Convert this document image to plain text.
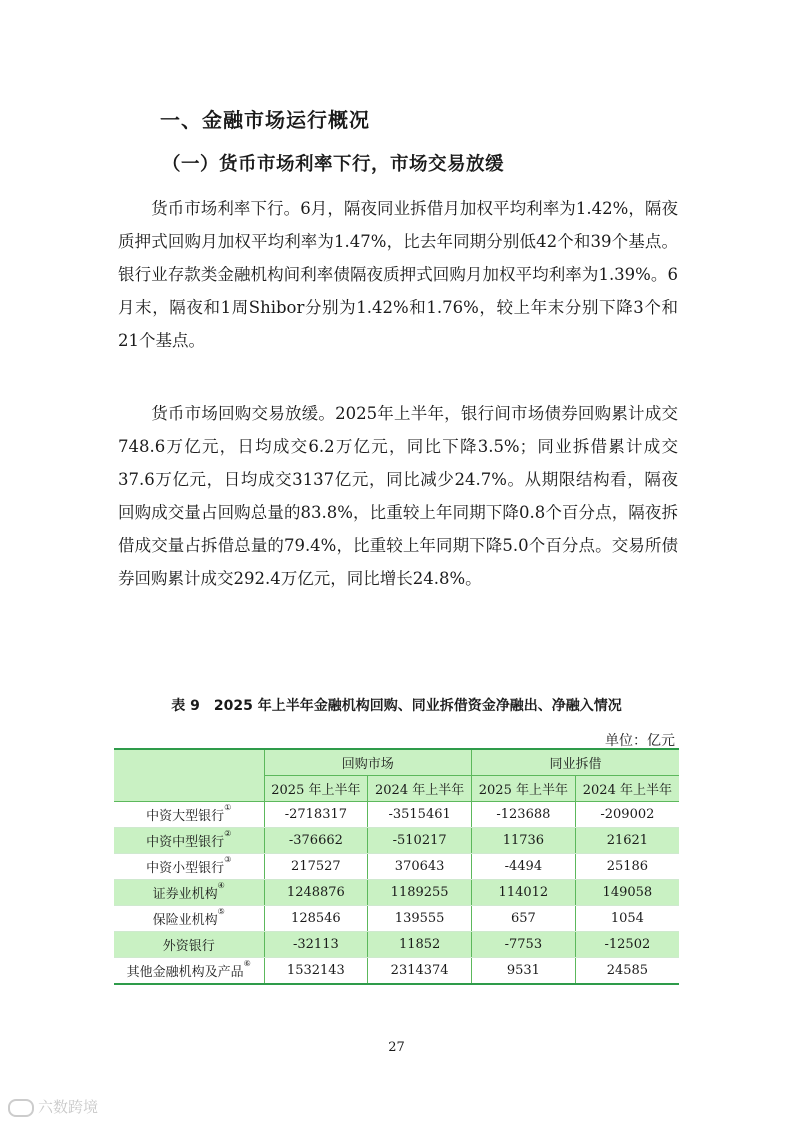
一、金融市场运行概况
（一）货币市场利率下行，市场交易放缓

货币市场利率下行。6月，隔夜同业拆借月加权平均利率为1.42%，隔夜质押式回购月加权平均利率为1.47%，比去年同期分别低42个和39个基点。银行业存款类金融机构间利率债隔夜质押式回购月加权平均利率为1.39%。6月末，隔夜和1周Shibor分别为1.42%和1.76%，较上年末分别下降3个和21个基点。

货币市场回购交易放缓。2025年上半年，银行间市场债券回购累计成交748.6万亿元，日均成交6.2万亿元，同比下降3.5%；同业拆借累计成交37.6万亿元，日均成交3137亿元，同比减少24.7%。从期限结构看，隔夜回购成交量占回购总量的83.8%，比重较上年同期下降0.8个百分点，隔夜拆借成交量占拆借总量的79.4%，比重较上年同期下降5.0个百分点。交易所债券回购累计成交292.4万亿元，同比增长24.8%。

表 9　2025 年上半年金融机构回购、同业拆借资金净融出、净融入情况
单位：亿元
	回购市场		同业拆借	
	2025 年上半年	2024 年上半年	2025 年上半年	2024 年上半年
中资大型银行①	-2718317	-3515461	-123688	-209002
中资中型银行②	-376662	-510217	11736	21621
中资小型银行③	217527	370643	-4494	25186
证券业机构④	1248876	1189255	114012	149058
保险业机构⑤	128546	139555	657	1054
外资银行	-32113	11852	-7753	-12502
其他金融机构及产品⑥	1532143	2314374	9531	24585
27
六数跨境
